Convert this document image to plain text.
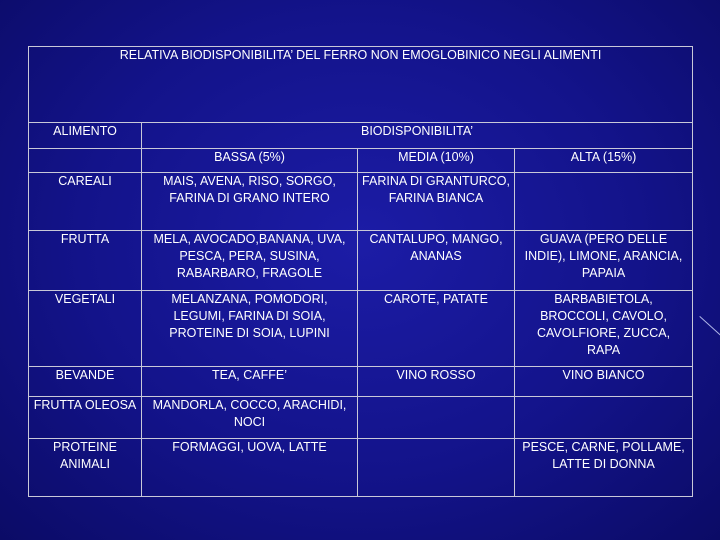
RELATIVA BIODISPONIBILITA’ DEL FERRO NON EMOGLOBINICO NEGLI ALIMENTI			
ALIMENTO	BIODISPONIBILITA’		
	BASSA (5%)	MEDIA (10%)	ALTA (15%)
CAREALI	MAIS, AVENA, RISO, SORGO, FARINA DI GRANO INTERO	FARINA DI GRANTURCO, FARINA BIANCA	
FRUTTA	MELA, AVOCADO,BANANA, UVA, PESCA, PERA, SUSINA, RABARBARO, FRAGOLE	CANTALUPO, MANGO, ANANAS	GUAVA (PERO DELLE INDIE), LIMONE, ARANCIA, PAPAIA
VEGETALI	MELANZANA, POMODORI, LEGUMI, FARINA DI SOIA, PROTEINE DI SOIA, LUPINI	CAROTE, PATATE	BARBABIETOLA, BROCCOLI, CAVOLO, CAVOLFIORE, ZUCCA, RAPA
BEVANDE	TEA, CAFFE’	VINO ROSSO	VINO BIANCO
FRUTTA OLEOSA	MANDORLA, COCCO, ARACHIDI, NOCI		
PROTEINE ANIMALI	FORMAGGI, UOVA, LATTE		PESCE, CARNE, POLLAME, LATTE DI DONNA
